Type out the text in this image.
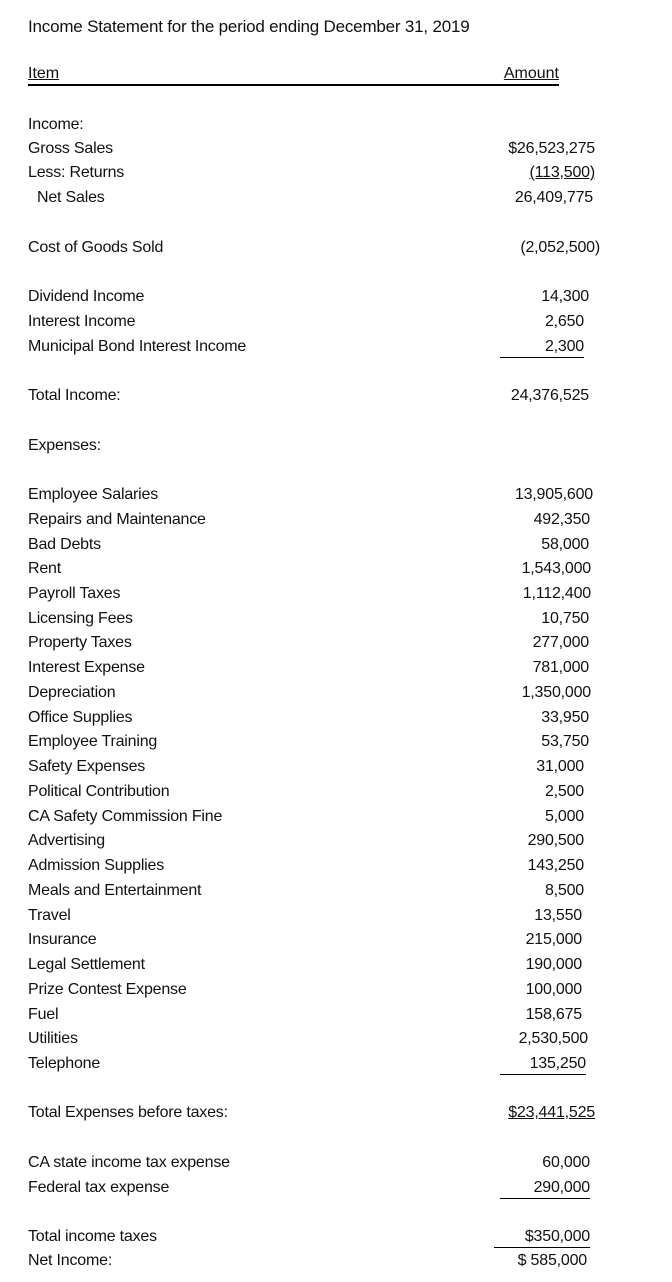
Income Statement for the period ending December 31, 2019
Item	Amount
Income:
Gross Sales	$26,523,275
Less: Returns	(113,500)
Net Sales	26,409,775
Cost of Goods Sold	(2,052,500)
Dividend Income	14,300
Interest Income	2,650
Municipal Bond Interest Income	2,300
Total Income:	24,376,525
Expenses:
Employee Salaries	13,905,600
Repairs and Maintenance	492,350
Bad Debts	58,000
Rent	1,543,000
Payroll Taxes	1,112,400
Licensing Fees	10,750
Property Taxes	277,000
Interest Expense	781,000
Depreciation	1,350,000
Office Supplies	33,950
Employee Training	53,750
Safety Expenses	31,000
Political Contribution	2,500
CA Safety Commission Fine	5,000
Advertising	290,500
Admission Supplies	143,250
Meals and Entertainment	8,500
Travel	13,550
Insurance	215,000
Legal Settlement	190,000
Prize Contest Expense	100,000
Fuel	158,675
Utilities	2,530,500
Telephone	135,250
Total Expenses before taxes:	$23,441,525
CA state income tax expense	60,000
Federal tax expense	290,000
Total income taxes	$350,000
Net Income:	$ 585,000
